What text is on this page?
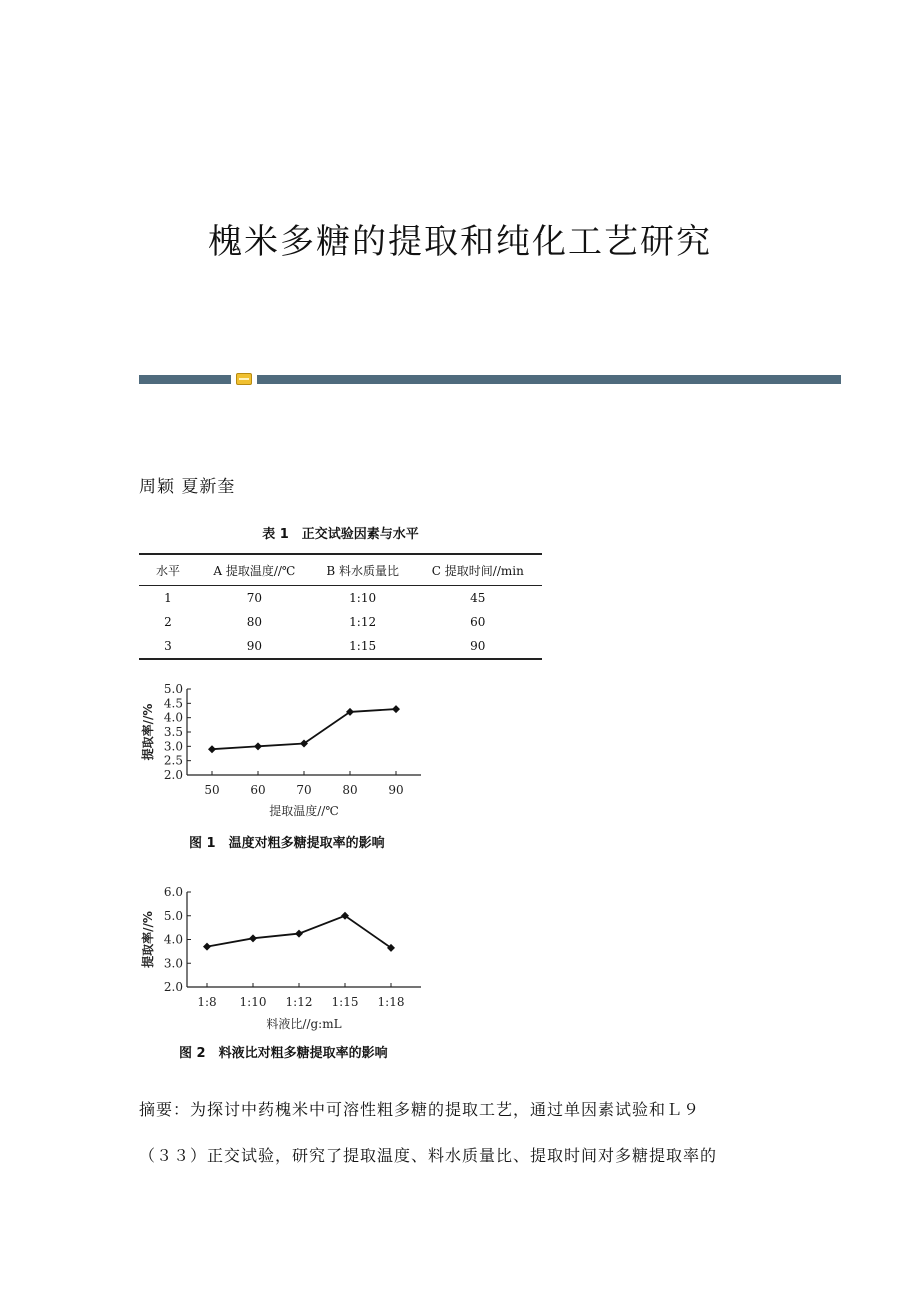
槐米多糖的提取和纯化工艺研究
周颖 夏新奎
表 1　正交试验因素与水平
水平	A 提取温度//℃	B 料水质量比	C 提取时间//min
1	70	1:10	45
2	80	1:12	60
3	90	1:15	90
2.0
2.5
3.0
3.5
4.0
4.5
5.0
50	60	70	80	90
提取温度//℃
提取率//%
图 1　温度对粗多糖提取率的影响
2.0
3.0
4.0
5.0
6.0
1:8 1:10 1:12 1:15 1:18
料液比//g:mL
提取率//%
图 2　料液比对粗多糖提取率的影响
摘要：为探讨中药槐米中可溶性粗多糖的提取工艺，通过单因素试验和Ｌ９
（３３）正交试验，研究了提取温度、料水质量比、提取时间对多糖提取率的
